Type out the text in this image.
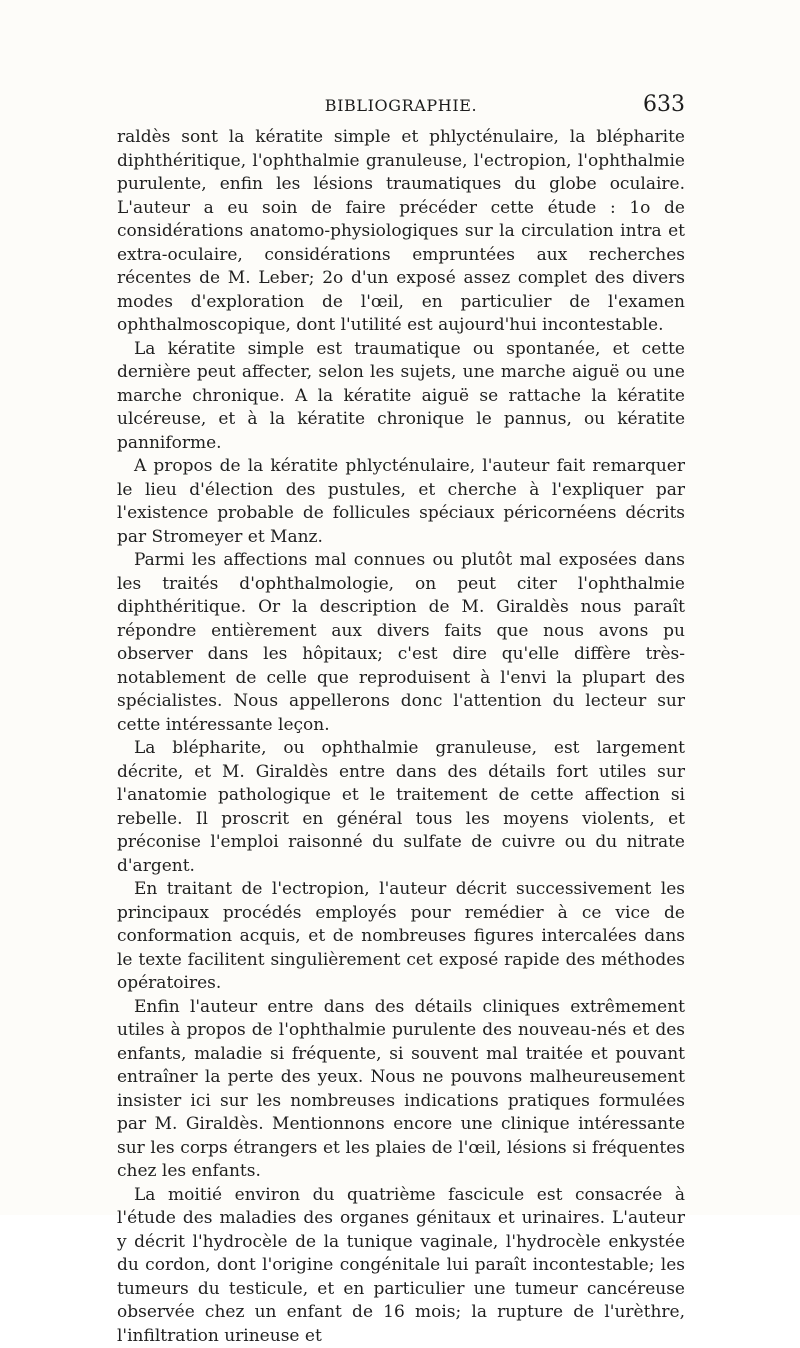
BIBLIOGRAPHIE.	633

raldès sont la kératite simple et phlycténulaire, la blépharite diphthéritique, l'ophthalmie granuleuse, l'ectropion, l'ophthalmie purulente, enfin les lésions traumatiques du globe oculaire. L'auteur a eu soin de faire précéder cette étude : 1o de considérations anatomo-physiologiques sur la circulation intra et extra-oculaire, considérations empruntées aux recherches récentes de M. Leber; 2o d'un exposé assez complet des divers modes d'exploration de l'œil, en particulier de l'examen ophthalmoscopique, dont l'utilité est aujourd'hui incontestable.

La kératite simple est traumatique ou spontanée, et cette dernière peut affecter, selon les sujets, une marche aiguë ou une marche chronique. A la kératite aiguë se rattache la kératite ulcéreuse, et à la kératite chronique le pannus, ou kératite panniforme.

A propos de la kératite phlycténulaire, l'auteur fait remarquer le lieu d'élection des pustules, et cherche à l'expliquer par l'existence probable de follicules spéciaux péricornéens décrits par Stromeyer et Manz.

Parmi les affections mal connues ou plutôt mal exposées dans les traités d'ophthalmologie, on peut citer l'ophthalmie diphthéritique. Or la description de M. Giraldès nous paraît répondre entièrement aux divers faits que nous avons pu observer dans les hôpitaux; c'est dire qu'elle diffère très-notablement de celle que reproduisent à l'envi la plupart des spécialistes. Nous appellerons donc l'attention du lecteur sur cette intéressante leçon.

La blépharite, ou ophthalmie granuleuse, est largement décrite, et M. Giraldès entre dans des détails fort utiles sur l'anatomie pathologique et le traitement de cette affection si rebelle. Il proscrit en général tous les moyens violents, et préconise l'emploi raisonné du sulfate de cuivre ou du nitrate d'argent.

En traitant de l'ectropion, l'auteur décrit successivement les principaux procédés employés pour remédier à ce vice de conformation acquis, et de nombreuses figures intercalées dans le texte facilitent singulièrement cet exposé rapide des méthodes opératoires.

Enfin l'auteur entre dans des détails cliniques extrêmement utiles à propos de l'ophthalmie purulente des nouveau-nés et des enfants, maladie si fréquente, si souvent mal traitée et pouvant entraîner la perte des yeux. Nous ne pouvons malheureusement insister ici sur les nombreuses indications pratiques formulées par M. Giraldès. Mentionnons encore une clinique intéressante sur les corps étrangers et les plaies de l'œil, lésions si fréquentes chez les enfants.

La moitié environ du quatrième fascicule est consacrée à l'étude des maladies des organes génitaux et urinaires. L'auteur y décrit l'hydrocèle de la tunique vaginale, l'hydrocèle enkystée du cordon, dont l'origine congénitale lui paraît incontestable; les tumeurs du testicule, et en particulier une tumeur cancéreuse observée chez un enfant de 16 mois; la rupture de l'urèthre, l'infiltration urineuse et
